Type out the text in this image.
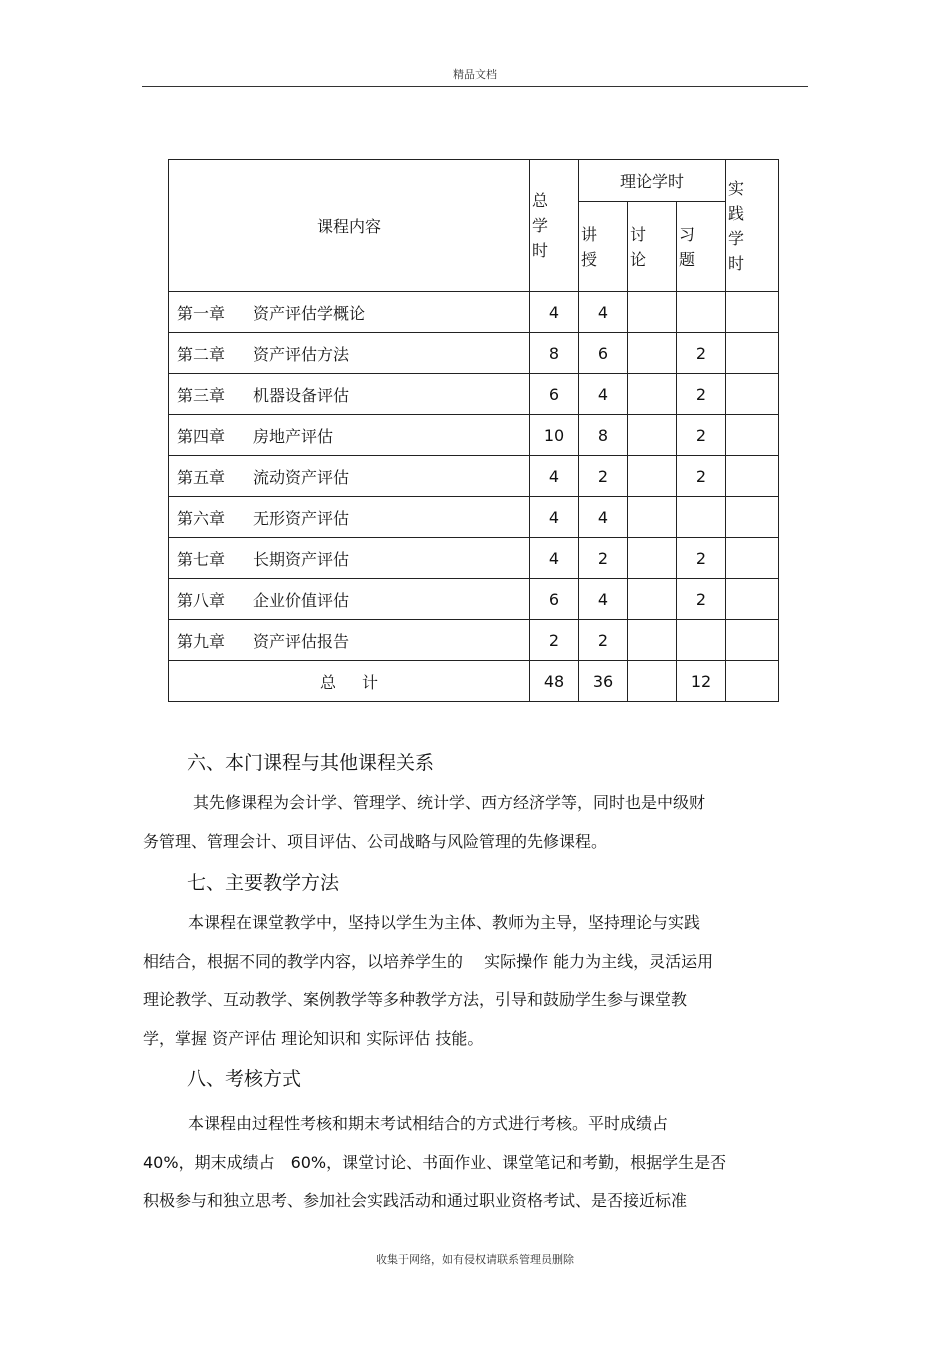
精品文档
课程内容	总学时	理论学时			实践学时

		讲授	讨论	习题	

第一章 资产评估学概论	4	4			
第二章 资产评估方法	8	6		2	
第三章 机器设备评估	6	4		2	
第四章 房地产评估	10	8		2	
第五章 流动资产评估	4	2		2	
第六章 无形资产评估	4	4			
第七章 长期资产评估	4	2		2	
第八章 企业价值评估	6	4		2	
第九章 资产评估报告	2	2			
总 计	48	36		12	
六、本门课程与其他课程关系
其先修课程为会计学、管理学、统计学、西方经济学等，同时也是中级财
务管理、管理会计、项目评估、公司战略与风险管理的先修课程。
七、主要教学方法
本课程在课堂教学中，坚持以学生为主体、教师为主导，坚持理论与实践
相结合，根据不同的教学内容，以培养学生的　 实际操作 能力为主线，灵活运用
理论教学、互动教学、案例教学等多种教学方法，引导和鼓励学生参与课堂教
学，掌握 资产评估 理论知识和 实际评估 技能。
八、考核方式
本课程由过程性考核和期末考试相结合的方式进行考核。平时成绩占
40%，期末成绩占　60%，课堂讨论、书面作业、课堂笔记和考勤，根据学生是否
积极参与和独立思考、参加社会实践活动和通过职业资格考试、是否接近标准
收集于网络，如有侵权请联系管理员删除
